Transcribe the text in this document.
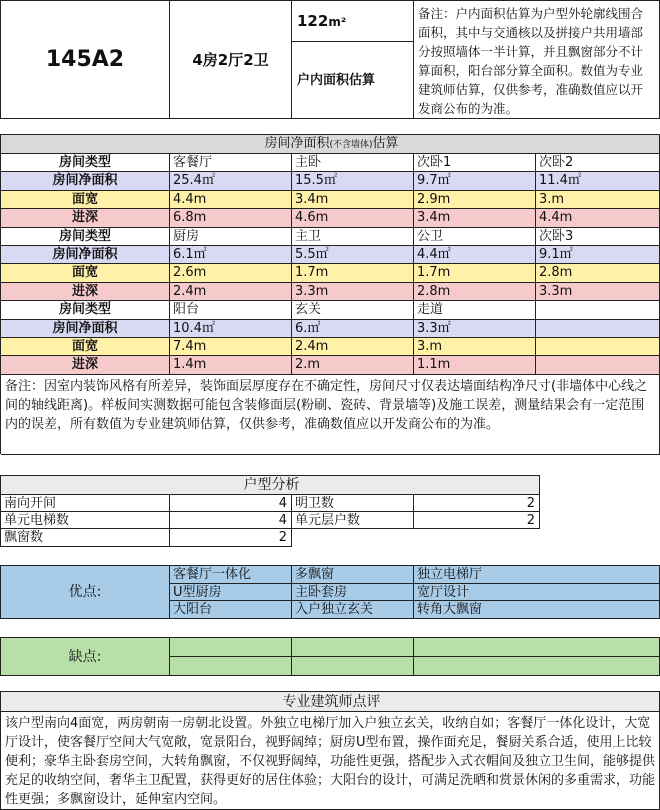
145A2	4房2厅2卫
122m²
户内面积估算
备注：户内面积估算为户型外轮廓线围合面积，其中与交通核以及拼接户共用墙部分按照墙体一半计算，并且飘窗部分不计算面积，阳台部分算全面积。数值为专业建筑师估算，仅供参考，准确数值应以开发商公布的为准。
房间净面积(不含墙体)估算
房间类型	客餐厅	主卧	次卧1	次卧2
房间净面积	25.4㎡	15.5㎡	9.7㎡	11.4㎡
面宽	4.4m	3.4m	2.9m	3.m
进深	6.8m	4.6m	3.4m	4.4m
房间类型	厨房	主卫	公卫	次卧3
房间净面积	6.1㎡	5.5㎡	4.4㎡	9.1㎡
面宽	2.6m	1.7m	1.7m	2.8m
进深	2.4m	3.3m	2.8m	3.3m
房间类型	阳台	玄关	走道
房间净面积	10.4㎡	6.㎡	3.3㎡
面宽	7.4m	2.4m	3.m
进深	1.4m	2.m	1.1m
备注：因室内装饰风格有所差异，装饰面层厚度存在不确定性，房间尺寸仅表达墙面结构净尺寸(非墙体中心线之间的轴线距离)。样板间实测数据可能包含装修面层(粉刷、瓷砖、背景墙等)及施工误差，测量结果会有一定范围内的误差，所有数值为专业建筑师估算，仅供参考，准确数值应以开发商公布的为准。
户型分析
南向开间	4 明卫数	2
单元电梯数	4 单元层户数	2
飘窗数	2
优点:
客餐厅一体化	多飘窗	独立电梯厅
U型厨房	主卧套房	宽厅设计
大阳台	入户独立玄关	转角大飘窗
缺点:
专业建筑师点评
该户型南向4面宽，两房朝南一房朝北设置。外独立电梯厅加入户独立玄关，收纳自如；客餐厅一体化设计，大宽厅设计，使客餐厅空间大气宽敞，宽景阳台，视野阔绰；厨房U型布置，操作面充足，餐厨关系合适，使用上比较便利；豪华主卧套房空间，大转角飘窗，不仅视野阔绰，功能性更强，搭配步入式衣帽间及独立卫生间，能够提供充足的收纳空间，奢华主卫配置，获得更好的居住体验；大阳台的设计，可满足洗晒和赏景休闲的多重需求，功能性更强；多飘窗设计，延伸室内空间。
